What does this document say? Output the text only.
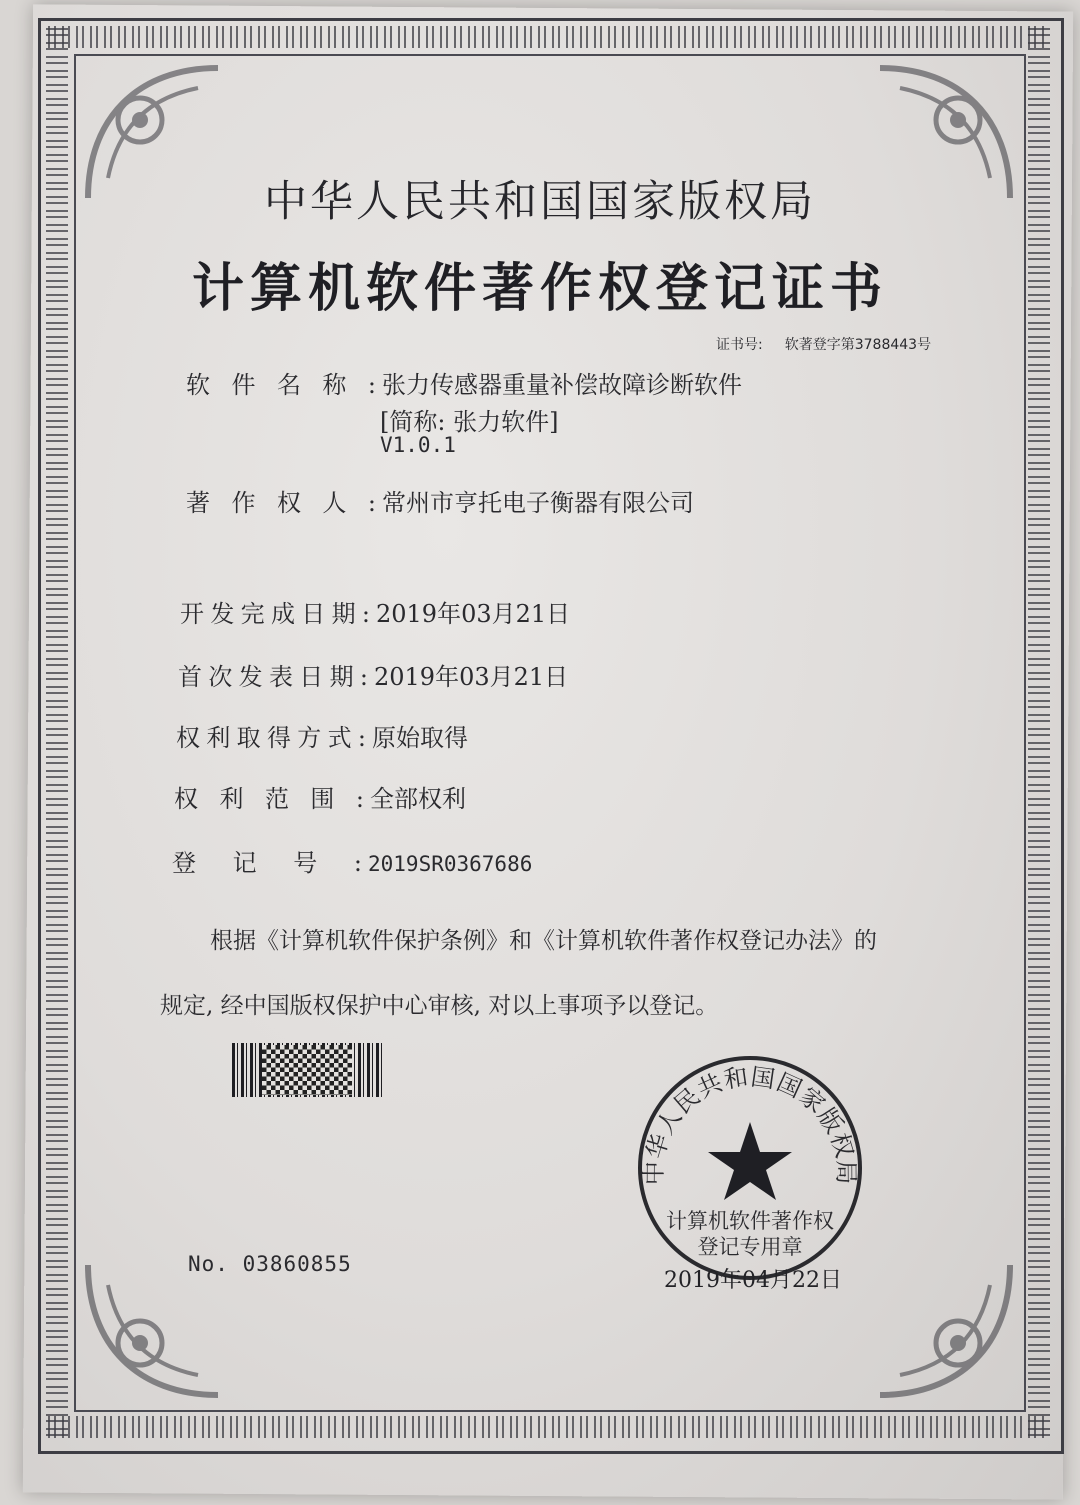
中华人民共和国国家版权局
计算机软件著作权登记证书
证书号: 软著登字第3788443号
软件名称: 张力传感器重量补偿故障诊断软件
[简称: 张力软件]
V1.0.1
著作权人: 常州市亨托电子衡器有限公司
开发完成日期: 2019年03月21日
首次发表日期: 2019年03月21日
权利取得方式: 原始取得
权利范围: 全部权利
登记号: 2019SR0367686
根据《计算机软件保护条例》和《计算机软件著作权登记办法》的
规定, 经中国版权保护中心审核, 对以上事项予以登记。
No. 03860855
中华人民共和国国家版权局
计算机软件著作权
登记专用章
2019年04月22日
